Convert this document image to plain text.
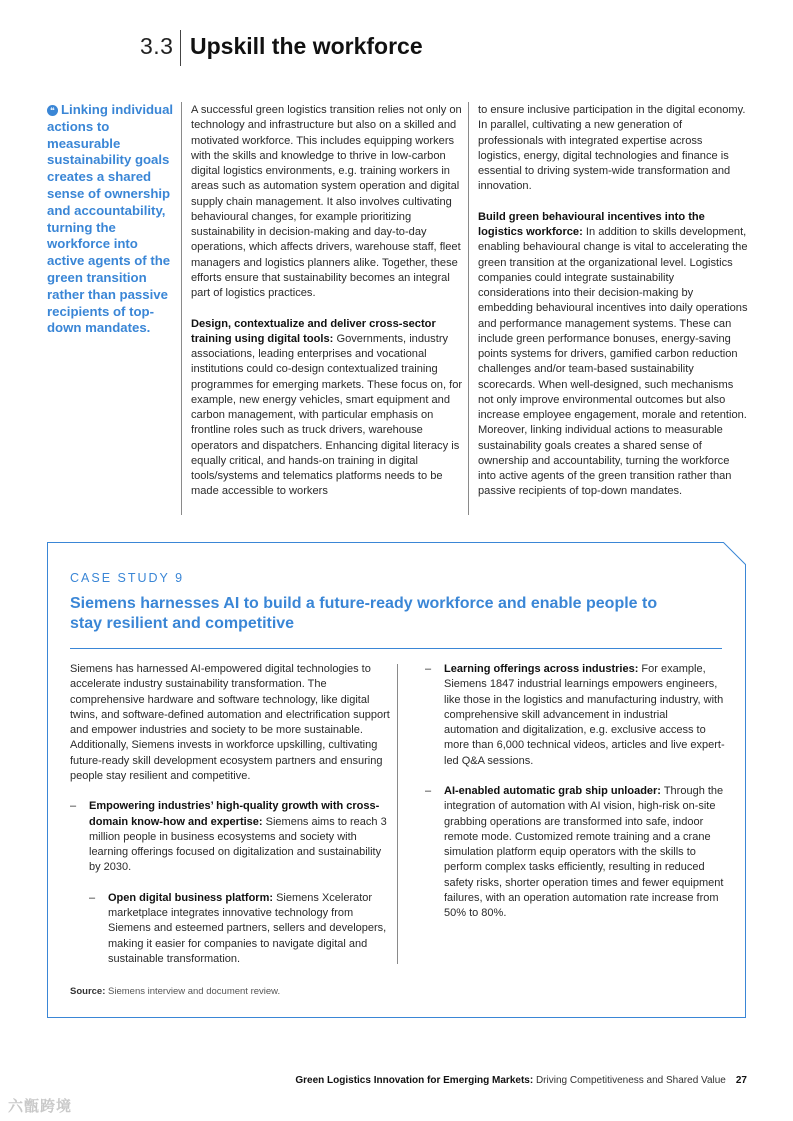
3.3 Upskill the workforce
❝ Linking individual actions to measurable sustainability goals creates a shared sense of ownership and accountability, turning the workforce into active agents of the green transition rather than passive recipients of top-down mandates.

A successful green logistics transition relies not only on technology and infrastructure but also on a skilled and motivated workforce. This includes equipping workers with the skills and knowledge to thrive in low-carbon digital logistics environments, e.g. training workers in areas such as automation system operation and digital supply chain management. It also involves cultivating behavioural changes, for example prioritizing sustainability in decision-making and day-to-day operations, which affects drivers, warehouse staff, fleet managers and logistics planners alike. Together, these efforts ensure that sustainability becomes an integral part of logistics practices.

Design, contextualize and deliver cross-sector training using digital tools: Governments, industry associations, leading enterprises and vocational institutions could co-design contextualized training programmes for emerging markets. These focus on, for example, new energy vehicles, smart equipment and carbon management, with particular emphasis on frontline roles such as truck drivers, warehouse operators and dispatchers. Enhancing digital literacy is equally critical, and hands-on training in digital tools/systems and telematics platforms needs to be made accessible to workers

to ensure inclusive participation in the digital economy. In parallel, cultivating a new generation of professionals with integrated expertise across logistics, energy, digital technologies and finance is essential to driving system-wide transformation and innovation.

Build green behavioural incentives into the logistics workforce: In addition to skills development, enabling behavioural change is vital to accelerating the green transition at the organizational level. Logistics companies could integrate sustainability considerations into their decision-making by embedding behavioural incentives into daily operations and performance management systems. These can include green performance bonuses, energy-saving points systems for drivers, gamified carbon reduction challenges and/or team-based sustainability scorecards. When well-designed, such mechanisms not only improve environmental outcomes but also increase employee engagement, morale and retention. Moreover, linking individual actions to measurable sustainability goals creates a shared sense of ownership and accountability, turning the workforce into active agents of the green transition rather than passive recipients of top-down mandates.

CASE STUDY 9
Siemens harnesses AI to build a future-ready workforce and enable people to stay resilient and competitive

Siemens has harnessed AI-empowered digital technologies to accelerate industry sustainability transformation. The comprehensive hardware and software technology, like digital twins, and software-defined automation and electrification support and empower industries and society to be more sustainable. Additionally, Siemens invests in workforce upskilling, cultivating future-ready skill development ecosystem partners and ensuring people stay resilient and competitive.

– Empowering industries’ high-quality growth with cross-domain know-how and expertise: Siemens aims to reach 3 million people in business ecosystems and society with learning offerings focused on digitalization and sustainability by 2030.
– Open digital business platform: Siemens Xcelerator marketplace integrates innovative technology from Siemens and esteemed partners, sellers and developers, making it easier for companies to navigate digital and sustainable transformation.
– Learning offerings across industries: For example, Siemens 1847 industrial learnings empowers engineers, like those in the logistics and manufacturing industry, with comprehensive skill advancement in industrial automation and digitalization, e.g. exclusive access to more than 6,000 technical videos, articles and live expert-led Q&A sessions.
– AI-enabled automatic grab ship unloader: Through the integration of automation with AI vision, high-risk on-site grabbing operations are transformed into safe, indoor remote mode. Customized remote training and a crane simulation platform equip operators with the skills to perform complex tasks efficiently, resulting in reduced safety risks, shorter operation times and fewer equipment failures, with an operation automation rate increase from 50% to 80%.
Source: Siemens interview and document review.
Green Logistics Innovation for Emerging Markets: Driving Competitiveness and Shared Value 27
六甑跨境
